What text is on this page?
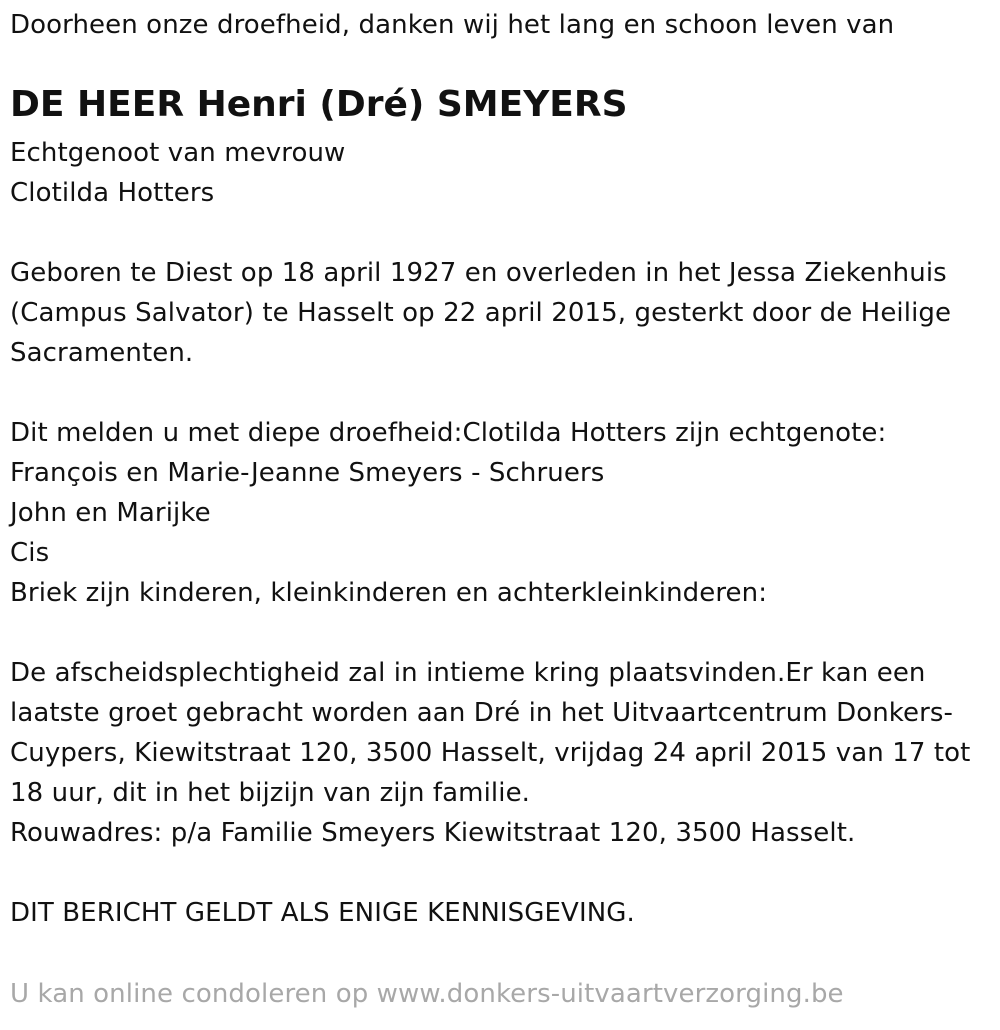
Doorheen onze droefheid, danken wij het lang en schoon leven van
DE HEER Henri (Dré) SMEYERS
Echtgenoot van mevrouw
Clotilda Hotters
Geboren te Diest op 18 april 1927 en overleden in het Jessa Ziekenhuis
(Campus Salvator) te Hasselt op 22 april 2015, gesterkt door de Heilige
Sacramenten.
Dit melden u met diepe droefheid:Clotilda Hotters zijn echtgenote:
François en Marie-Jeanne Smeyers - Schruers
John en Marijke
Cis
Briek zijn kinderen, kleinkinderen en achterkleinkinderen:
De afscheidsplechtigheid zal in intieme kring plaatsvinden.Er kan een
laatste groet gebracht worden aan Dré in het Uitvaartcentrum Donkers-
Cuypers, Kiewitstraat 120, 3500 Hasselt, vrijdag 24 april 2015 van 17 tot
18 uur, dit in het bijzijn van zijn familie.
Rouwadres: p/a Familie Smeyers Kiewitstraat 120, 3500 Hasselt.
DIT BERICHT GELDT ALS ENIGE KENNISGEVING.
U kan online condoleren op www.donkers-uitvaartverzorging.be
